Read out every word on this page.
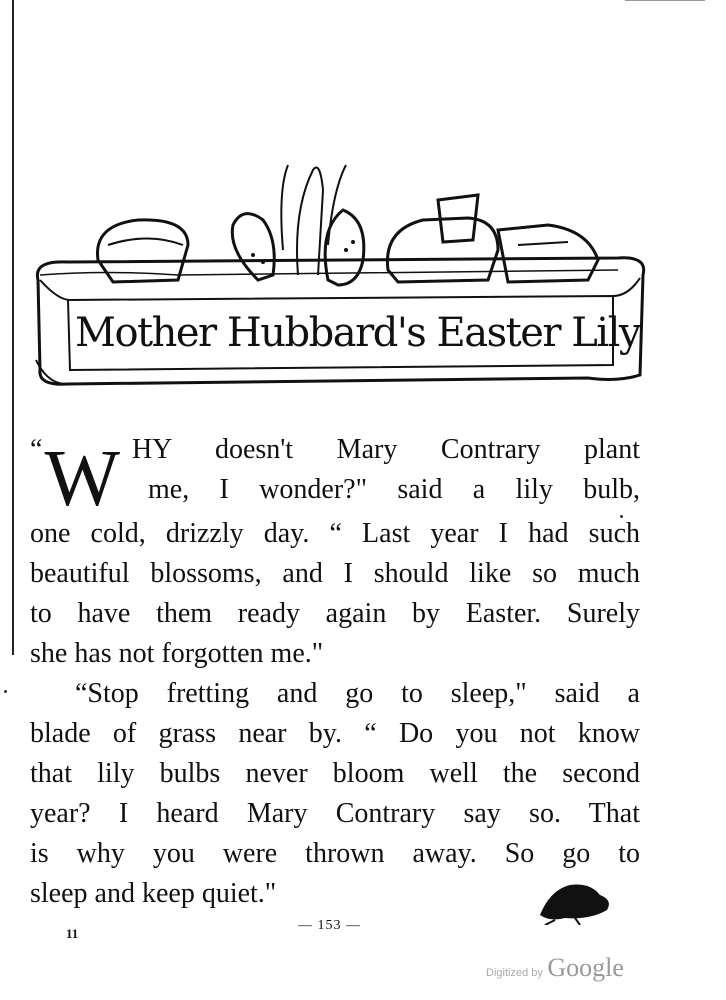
Mother Hubbard's Easter Lily
“ W HY doesn't Mary Contrary plant
me, I wonder?" said a lily bulb,
one cold, drizzly day. “ Last year I had such
beautiful blossoms, and I should like so much
to have them ready again by Easter. Surely
she has not forgotten me."
“Stop fretting and go to sleep," said a
blade of grass near by. “ Do you not know
that lily bulbs never bloom well the second
year? I heard Mary Contrary say so. That
is why you were thrown away. So go to
sleep and keep quiet."
11
— 153 —
Digitized by Google
